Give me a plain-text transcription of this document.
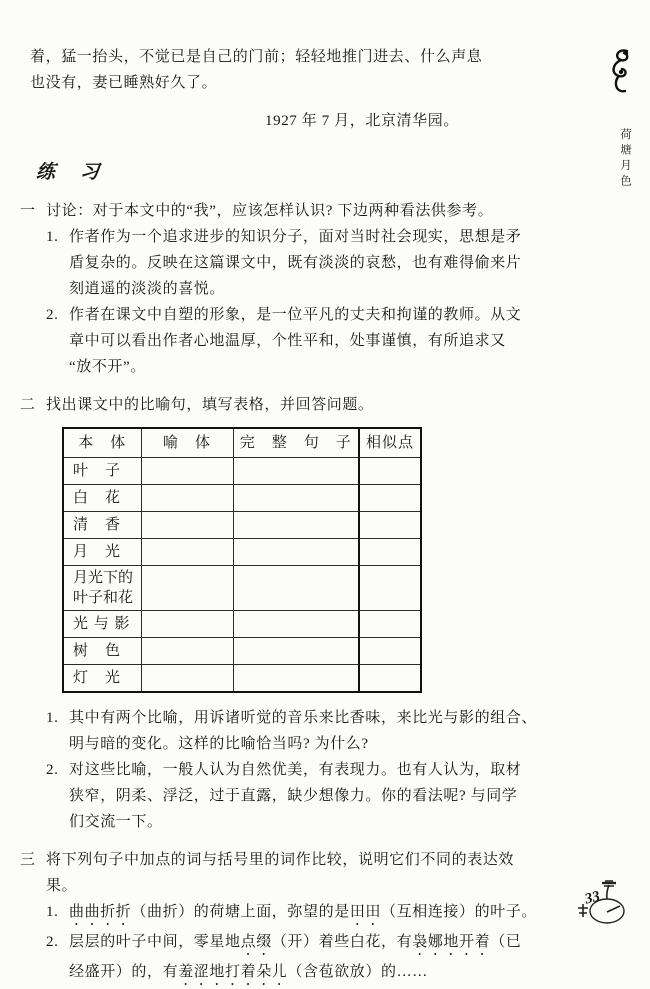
着，猛一抬头，不觉已是自己的门前；轻轻地推门进去、什么声息
也没有，妻已睡熟好久了。
1927 年 7 月，北京清华园。
练　习
一 讨论：对于本文中的“我”，应该怎样认识? 下边两种看法供参考。
1. 作者作为一个追求进步的知识分子，面对当时社会现实，思想是矛
盾复杂的。反映在这篇课文中，既有淡淡的哀愁，也有难得偷来片
刻逍遥的淡淡的喜悦。
2. 作者在课文中自塑的形象，是一位平凡的丈夫和拘谨的教师。从文
章中可以看出作者心地温厚，个性平和，处事谨慎，有所追求又
“放不开”。
二 找出课文中的比喻句，填写表格，并回答问题。
本　体	喻　体	完　整　句　子	相似点
叶　子			
白　花			
清　香			
月　光			
月光下的叶子和花			
光 与 影			
树　色			
灯　光			
1. 其中有两个比喻，用诉诸听觉的音乐来比香味，来比光与影的组合、
明与暗的变化。这样的比喻恰当吗? 为什么?
2. 对这些比喻，一般人认为自然优美，有表现力。也有人认为，取材
狭窄，阴柔、浮泛，过于直露，缺少想像力。你的看法呢? 与同学
们交流一下。
三 将下列句子中加点的词与括号里的词作比较，说明它们不同的表达效
果。
1. 曲曲折折（曲折）的荷塘上面，弥望的是田田（互相连接）的叶子。
2. 层层的叶子中间，零星地点缀（开）着些白花，有袅娜地开着（已
经盛开）的，有羞涩地打着朵儿（含苞欲放）的……
荷塘月色
33
